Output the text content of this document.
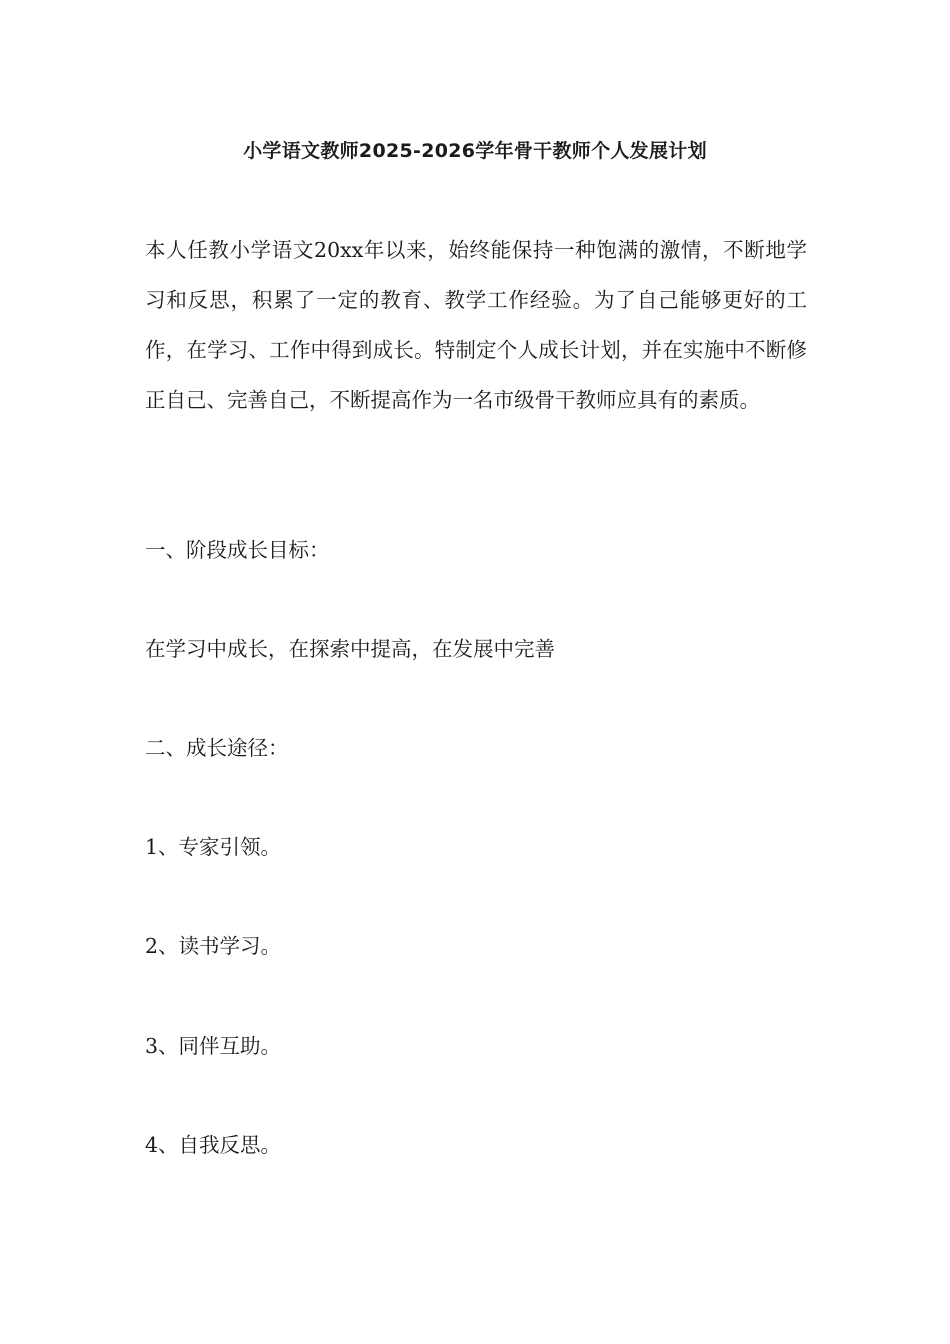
小学语文教师2025-2026学年骨干教师个人发展计划
本人任教小学语文20xx年以来，始终能保持一种饱满的激情，不断地学习和反思，积累了一定的教育、教学工作经验。为了自己能够更好的工作，在学习、工作中得到成长。特制定个人成长计划，并在实施中不断修正自己、完善自己，不断提高作为一名市级骨干教师应具有的素质。
一、阶段成长目标：
在学习中成长，在探索中提高，在发展中完善
二、成长途径：
1、专家引领。
2、读书学习。
3、同伴互助。
4、自我反思。
